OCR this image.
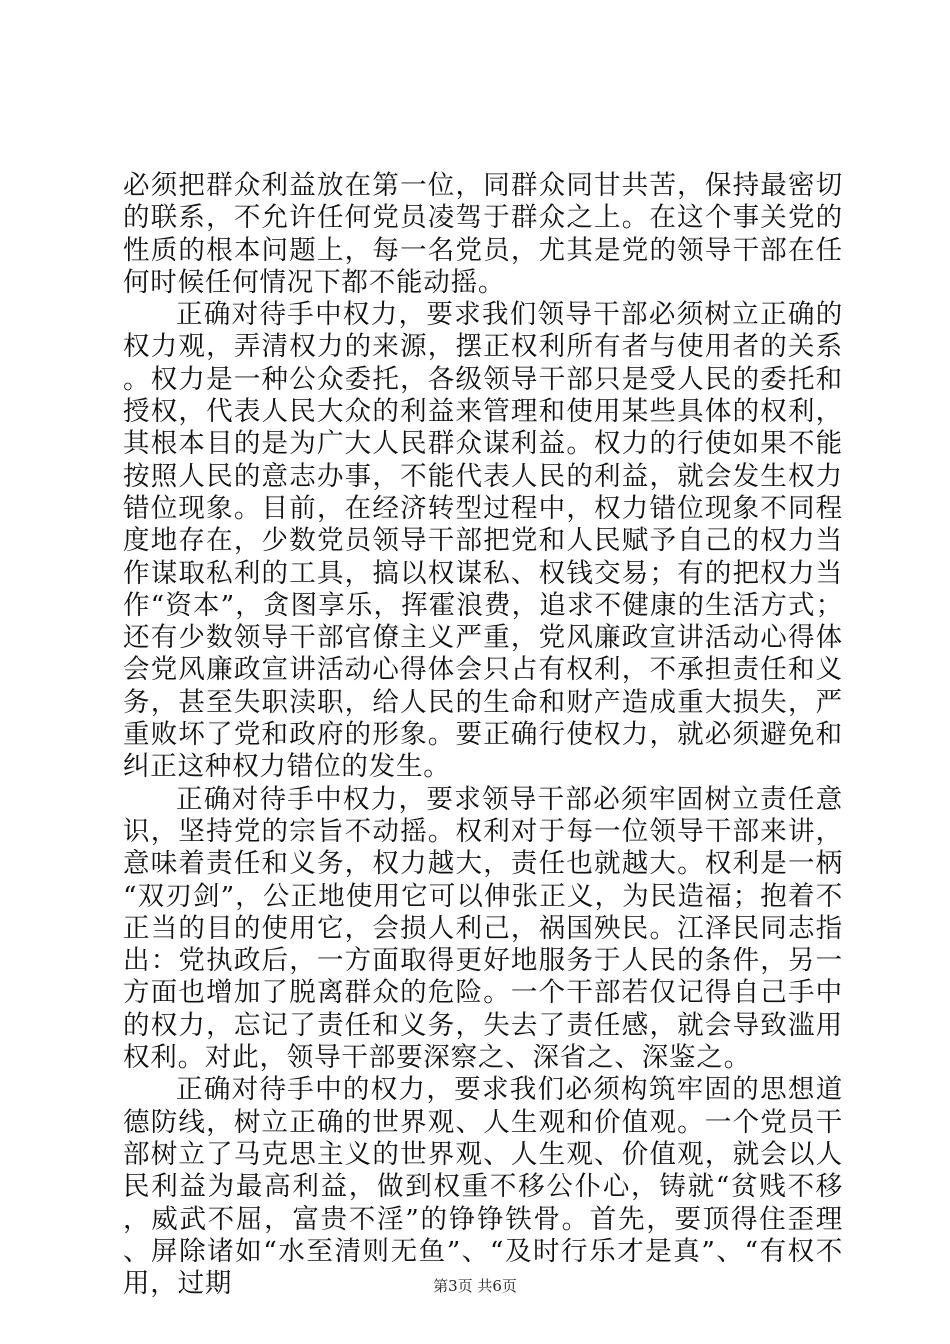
必须把群众利益放在第一位，同群众同甘共苦，保持最密切的联系，不允许任何党员凌驾于群众之上。在这个事关党的性质的根本问题上，每一名党员，尤其是党的领导干部在任何时候任何情况下都不能动摇。

正确对待手中权力，要求我们领导干部必须树立正确的权力观，弄清权力的来源，摆正权利所有者与使用者的关系。权力是一种公众委托，各级领导干部只是受人民的委托和授权，代表人民大众的利益来管理和使用某些具体的权利，其根本目的是为广大人民群众谋利益。权力的行使如果不能按照人民的意志办事，不能代表人民的利益，就会发生权力错位现象。目前，在经济转型过程中，权力错位现象不同程度地存在，少数党员领导干部把党和人民赋予自己的权力当作谋取私利的工具，搞以权谋私、权钱交易；有的把权力当作“资本”，贪图享乐，挥霍浪费，追求不健康的生活方式；还有少数领导干部官僚主义严重，党风廉政宣讲活动心得体会党风廉政宣讲活动心得体会只占有权利，不承担责任和义务，甚至失职渎职，给人民的生命和财产造成重大损失，严重败坏了党和政府的形象。要正确行使权力，就必须避免和纠正这种权力错位的发生。

正确对待手中权力，要求领导干部必须牢固树立责任意识，坚持党的宗旨不动摇。权利对于每一位领导干部来讲，意味着责任和义务，权力越大，责任也就越大。权利是一柄“双刃剑”，公正地使用它可以伸张正义，为民造福；抱着不正当的目的使用它，会损人利己，祸国殃民。江泽民同志指出：党执政后，一方面取得更好地服务于人民的条件，另一方面也增加了脱离群众的危险。一个干部若仅记得自己手中的权力，忘记了责任和义务，失去了责任感，就会导致滥用权利。对此，领导干部要深察之、深省之、深鉴之。

正确对待手中的权力，要求我们必须构筑牢固的思想道德防线，树立正确的世界观、人生观和价值观。一个党员干部树立了马克思主义的世界观、人生观、价值观，就会以人民利益为最高利益，做到权重不移公仆心，铸就“贫贱不移，威武不屈，富贵不淫”的铮铮铁骨。首先，要顶得住歪理、屏除诸如“水至清则无鱼”、“及时行乐才是真”、“有权不用，过期	第3页 共6页
